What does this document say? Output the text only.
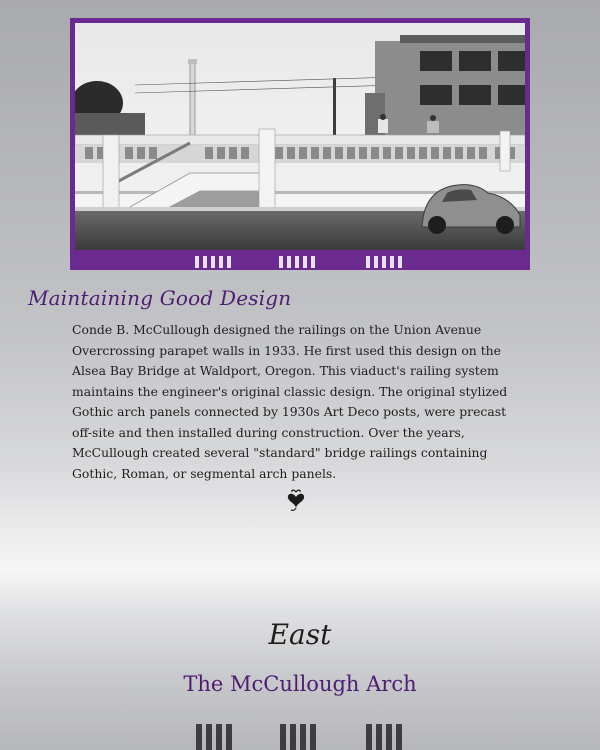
Maintaining Good Design

Conde B. McCullough designed the railings on the Union Avenue Overcrossing parapet walls in 1933. He first used this design on the Alsea Bay Bridge at Waldport, Oregon. This viaduct's railing system maintains the engineer's original classic design. The original stylized Gothic arch panels connected by 1930s Art Deco posts, were precast off-site and then installed during construction. Over the years, McCullough created several "standard" bridge railings containing Gothic, Roman, or segmental arch panels.

East
The McCullough Arch
